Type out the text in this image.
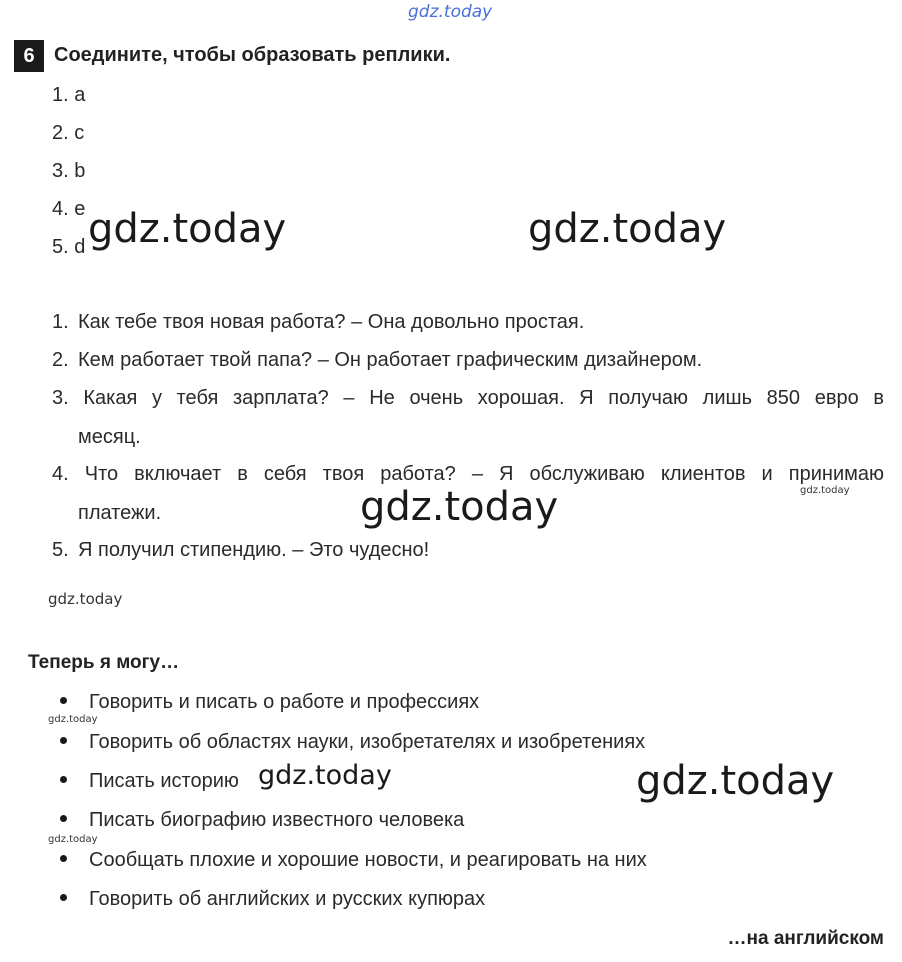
gdz.today
6 Соедините, чтобы образовать реплики.
1. a
2. c
3. b
4. e
5. d gdz.today	gdz.today
1. Как тебе твоя новая работа? – Она довольно простая.
2. Кем работает твой папа? – Он работает графическим дизайнером.
3. Какая у тебя зарплата? – Не очень хорошая. Я получаю лишь 850 евро в
месяц.
4. Что включает в себя твоя работа? – Я обслуживаю клиентов и принимаю
gdz.today
платежи.	gdz.today
5. Я получил стипендию. – Это чудесно!
gdz.today
Теперь я могу…
Говорить и писать о работе и профессиях
gdz.today
Говорить об областях науки, изобретателях и изобретениях
Писать историю gdz.today	gdz.today
Писать биографию известного человека
gdz.today
Сообщать плохие и хорошие новости, и реагировать на них
Говорить об английских и русских купюрах
…на английском
